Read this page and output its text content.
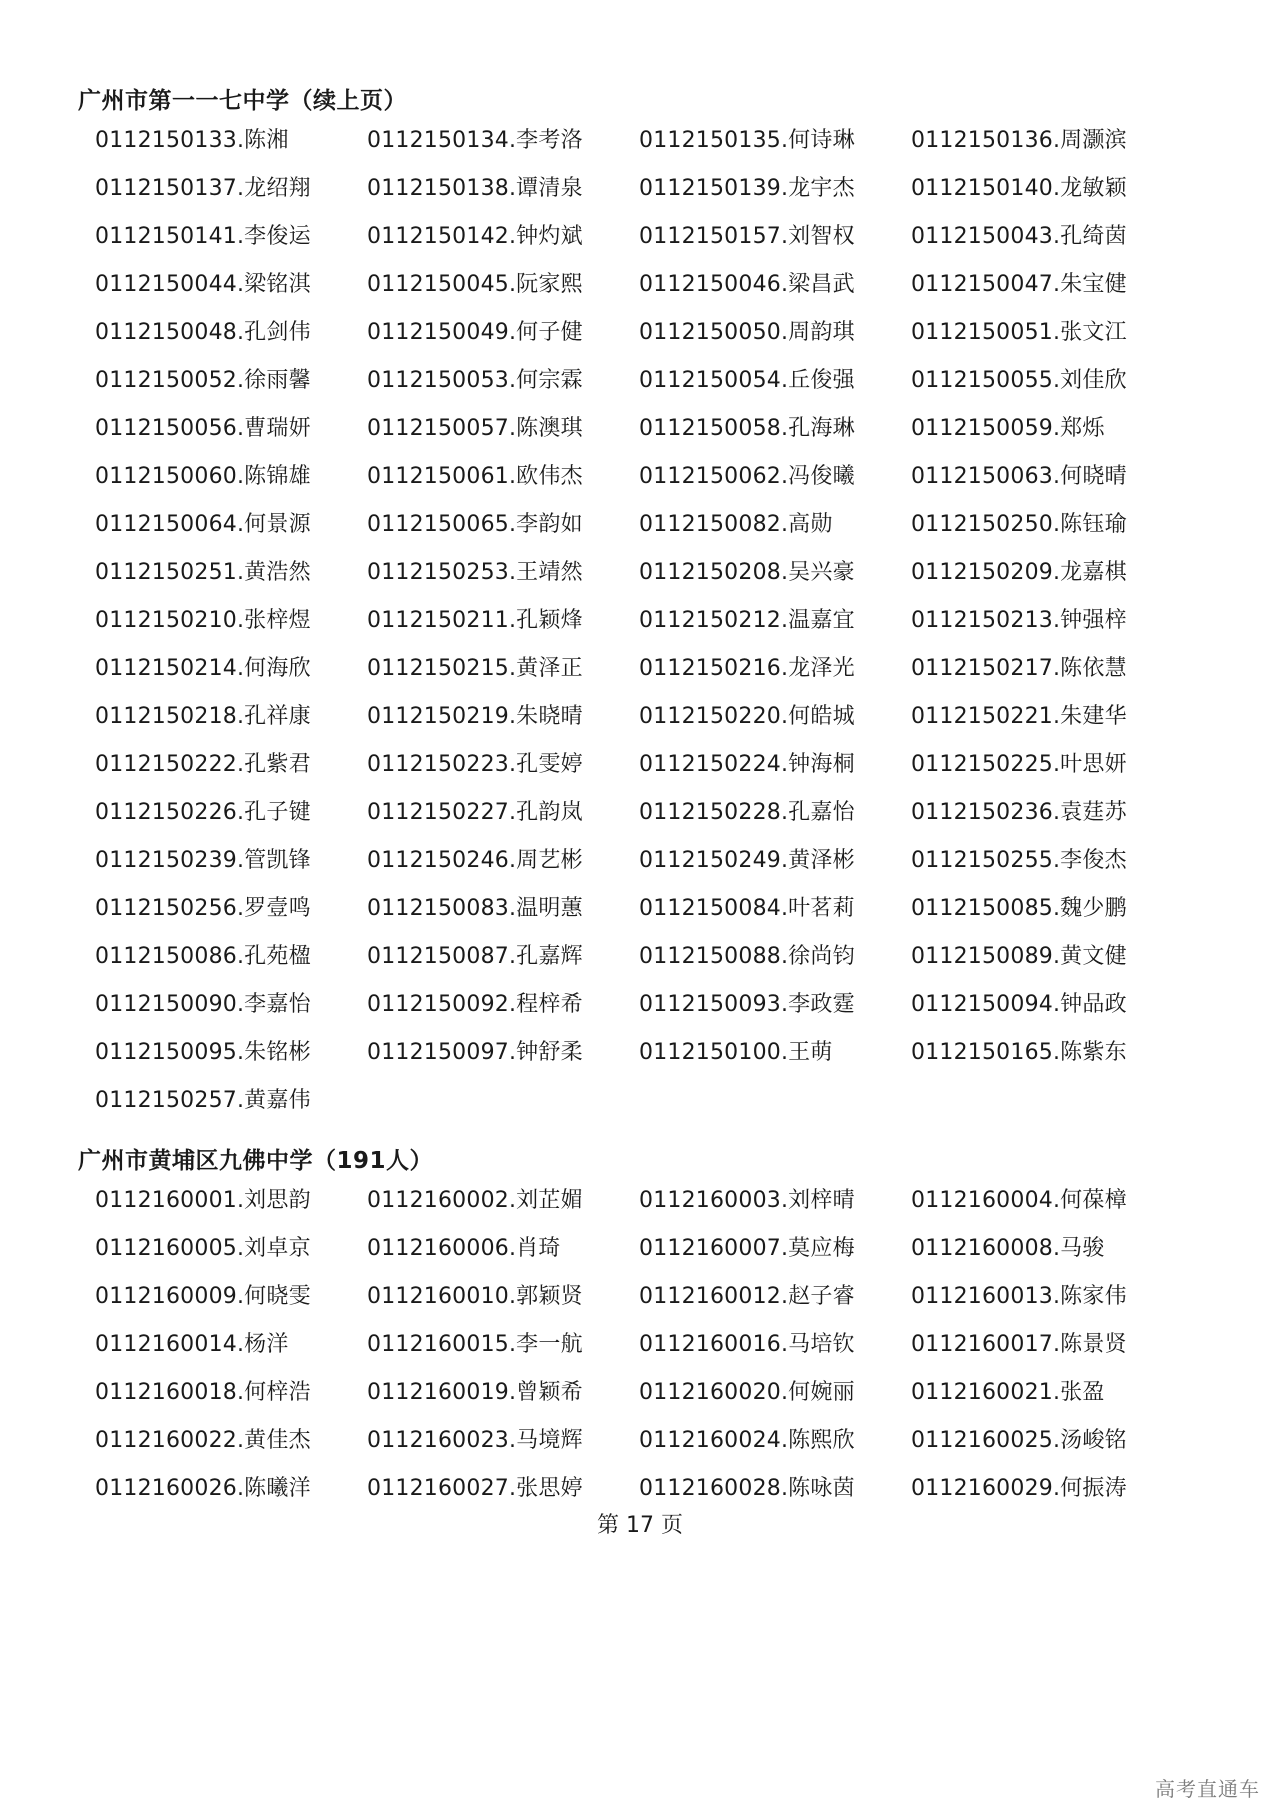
广州市第一一七中学（续上页）
0112150133.陈湘	0112150134.李考洛	0112150135.何诗琳	0112150136.周灏滨
0112150137.龙绍翔	0112150138.谭清泉	0112150139.龙宇杰	0112150140.龙敏颖
0112150141.李俊运	0112150142.钟灼斌	0112150157.刘智权	0112150043.孔绮茵
0112150044.梁铭淇	0112150045.阮家熙	0112150046.梁昌武	0112150047.朱宝健
0112150048.孔剑伟	0112150049.何子健	0112150050.周韵琪	0112150051.张文江
0112150052.徐雨馨	0112150053.何宗霖	0112150054.丘俊强	0112150055.刘佳欣
0112150056.曹瑞妍	0112150057.陈澳琪	0112150058.孔海琳	0112150059.郑烁
0112150060.陈锦雄	0112150061.欧伟杰	0112150062.冯俊曦	0112150063.何晓晴
0112150064.何景源	0112150065.李韵如	0112150082.高勋	0112150250.陈钰瑜
0112150251.黄浩然	0112150253.王靖然	0112150208.吴兴豪	0112150209.龙嘉棋
0112150210.张梓煜	0112150211.孔颖烽	0112150212.温嘉宜	0112150213.钟强梓
0112150214.何海欣	0112150215.黄泽正	0112150216.龙泽光	0112150217.陈依慧
0112150218.孔祥康	0112150219.朱晓晴	0112150220.何皓城	0112150221.朱建华
0112150222.孔紫君	0112150223.孔雯婷	0112150224.钟海桐	0112150225.叶思妍
0112150226.孔子键	0112150227.孔韵岚	0112150228.孔嘉怡	0112150236.袁莛苏
0112150239.管凯锋	0112150246.周艺彬	0112150249.黄泽彬	0112150255.李俊杰
0112150256.罗壹鸣	0112150083.温明蕙	0112150084.叶茗莉	0112150085.魏少鹏
0112150086.孔苑楹	0112150087.孔嘉辉	0112150088.徐尚钧	0112150089.黄文健
0112150090.李嘉怡	0112150092.程梓希	0112150093.李政霆	0112150094.钟品政
0112150095.朱铭彬	0112150097.钟舒柔	0112150100.王萌	0112150165.陈紫东
0112150257.黄嘉伟
广州市黄埔区九佛中学（191人）
0112160001.刘思韵	0112160002.刘芷媚	0112160003.刘梓晴	0112160004.何葆樟
0112160005.刘卓京	0112160006.肖琦	0112160007.莫应梅	0112160008.马骏
0112160009.何晓雯	0112160010.郭颖贤	0112160012.赵子睿	0112160013.陈家伟
0112160014.杨洋	0112160015.李一航	0112160016.马培钦	0112160017.陈景贤
0112160018.何梓浩	0112160019.曾颖希	0112160020.何婉丽	0112160021.张盈
0112160022.黄佳杰	0112160023.马境辉	0112160024.陈熙欣	0112160025.汤峻铭
0112160026.陈曦洋	0112160027.张思婷	0112160028.陈咏茵	0112160029.何振涛
第 17 页
高考直通车
